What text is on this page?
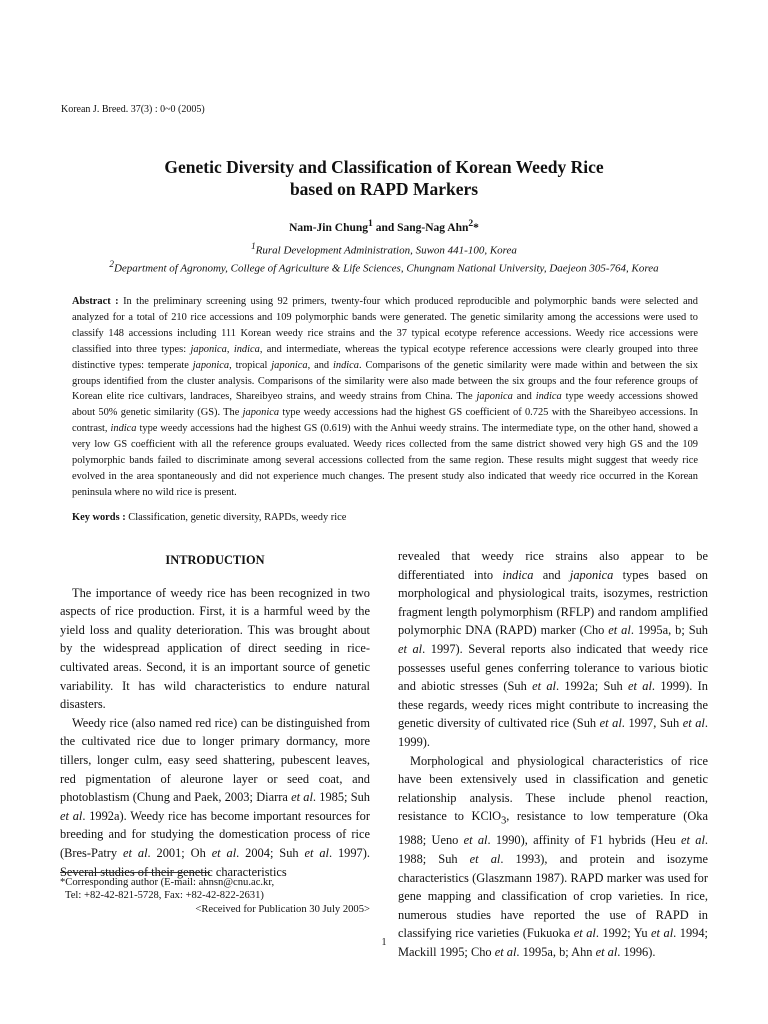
Korean J. Breed. 37(3) : 0~0 (2005)
Genetic Diversity and Classification of Korean Weedy Rice
based on RAPD Markers
Nam-Jin Chung$^1$ and Sang-Nag Ahn$^2$*
$^1$Rural Development Administration, Suwon 441-100, Korea
$^2$Department of Agronomy, College of Agriculture & Life Sciences, Chungnam National University, Daejeon 305-764, Korea
Abstract : In the preliminary screening using 92 primers, twenty-four which produced reproducible and polymorphic bands were selected and analyzed for a total of 210 rice accessions and 109 polymorphic bands were generated. The genetic similarity among the accessions were used to classify 148 accessions including 111 Korean weedy rice strains and the 37 typical ecotype reference accessions. Weedy rice accessions were classified into three types: japonica, indica, and intermediate, whereas the typical ecotype reference accessions were clearly grouped into three distinctive types: temperate japonica, tropical japonica, and indica. Comparisons of the genetic similarity were made within and between the six groups identified from the cluster analysis. Comparisons of the similarity were also made between the six groups and the four reference groups of Korean elite rice cultivars, landraces, Shareibyeo strains, and weedy strains from China. The japonica and indica type weedy accessions showed about 50% genetic similarity (GS). The japonica type weedy accessions had the highest GS coefficient of 0.725 with the Shareibyeo accessions. In contrast, indica type weedy accessions had the highest GS (0.619) with the Anhui weedy strains. The intermediate type, on the other hand, showed a very low GS coefficient with all the reference groups evaluated. Weedy rices collected from the same district showed very high GS and the 109 polymorphic bands failed to discriminate among several accessions collected from the same region. These results might suggest that weedy rice evolved in the area spontaneously and did not experience much changes. The present study also indicated that weedy rice occurred in the Korean peninsula where no wild rice is present.
Key words : Classification, genetic diversity, RAPDs, weedy rice
INTRODUCTION

The importance of weedy rice has been recognized in two aspects of rice production. First, it is a harmful weed by the yield loss and quality deterioration. This was brought about by the widespread application of direct seeding in rice-cultivated areas. Second, it is an important source of genetic variability. It has wild characteristics to endure natural disasters.

Weedy rice (also named red rice) can be distinguished from the cultivated rice due to longer primary dormancy, more tillers, longer culm, easy seed shattering, pubescent leaves, red pigmentation of aleurone layer or seed coat, and photoblastism (Chung and Paek, 2003; Diarra et al. 1985; Suh et al. 1992a). Weedy rice has become important resources for breeding and for studying the domestication process of rice (Bres-Patry et al. 2001; Oh et al. 2004; Suh et al. 1997). Several studies of their genetic characteristics

revealed that weedy rice strains also appear to be differentiated into indica and japonica types based on morphological and physiological traits, isozymes, restriction fragment length polymorphism (RFLP) and random amplified polymorphic DNA (RAPD) marker (Cho et al. 1995a, b; Suh et al. 1997). Several reports also indicated that weedy rice possesses useful genes conferring tolerance to various biotic and abiotic stresses (Suh et al. 1992a; Suh et al. 1999). In these regards, weedy rices might contribute to increasing the genetic diversity of cultivated rice (Suh et al. 1997, Suh et al. 1999).

Morphological and physiological characteristics of rice have been extensively used in classification and genetic relationship analysis. These include phenol reaction, resistance to KClO$_3$, resistance to low temperature (Oka 1988; Ueno et al. 1990), affinity of F1 hybrids (Heu et al. 1988; Suh et al. 1993), and protein and isozyme characteristics (Glaszmann 1987). RAPD marker was used for gene mapping and classification of crop varieties. In rice, numerous studies have reported the use of RAPD in classifying rice varieties (Fukuoka et al. 1992; Yu et al. 1994; Mackill 1995; Cho et al. 1995a, b; Ahn et al. 1996).

*Corresponding author (E-mail: ahnsn@cnu.ac.kr,
Tel: +82-42-821-5728, Fax: +82-42-822-2631)
<Received for Publication 30 July 2005>
1
